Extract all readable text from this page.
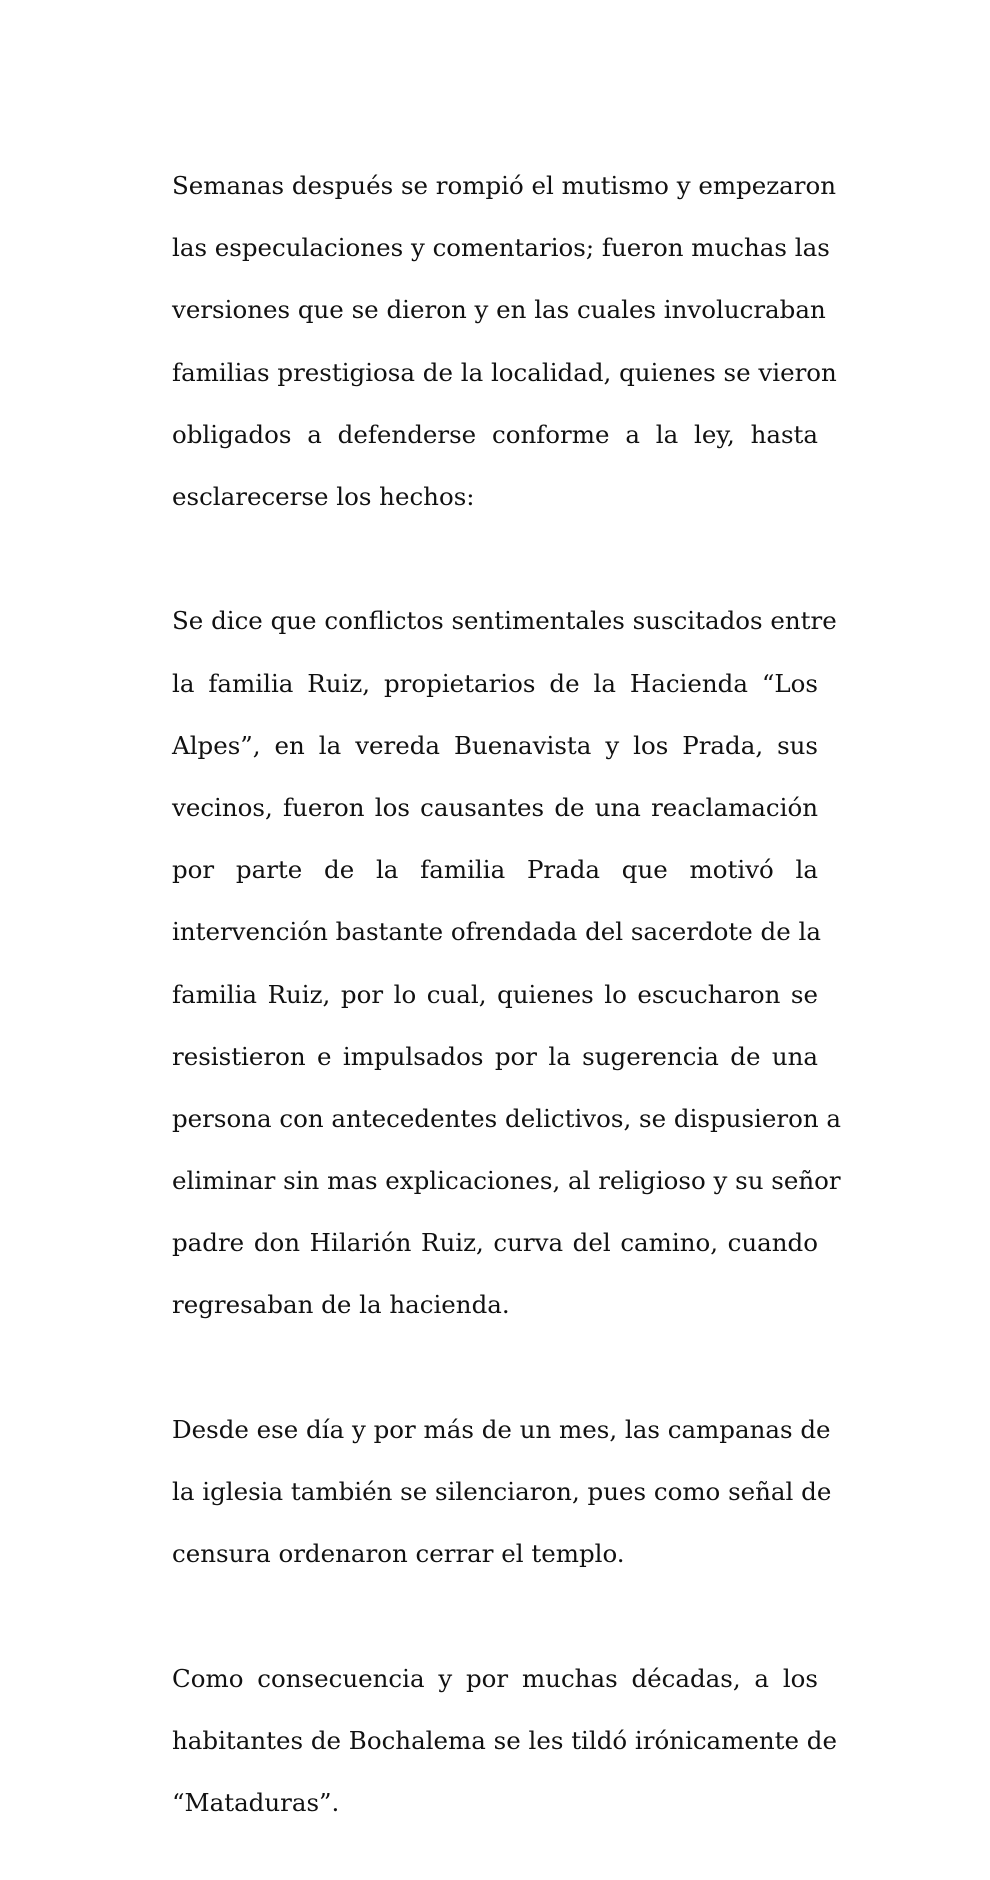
Semanas después se rompió el mutismo y empezaron

las especulaciones y comentarios; fueron muchas las

versiones que se dieron y en las cuales involucraban

familias prestigiosa de la localidad, quienes se vieron

obligados a defenderse conforme a la ley, hasta

esclarecerse los hechos:

Se dice que conflictos sentimentales suscitados entre

la familia Ruiz, propietarios de la Hacienda “Los

Alpes”, en la vereda Buenavista y los Prada, sus

vecinos, fueron los causantes de una reaclamación

por parte de la familia Prada que motivó la

intervención bastante ofrendada del sacerdote de la

familia Ruiz, por lo cual, quienes lo escucharon se

resistieron e impulsados por la sugerencia de una

persona con antecedentes delictivos, se dispusieron a

eliminar sin mas explicaciones, al religioso y su señor

padre don Hilarión Ruiz, curva del camino, cuando

regresaban de la hacienda.

Desde ese día y por más de un mes, las campanas de

la iglesia también se silenciaron, pues como señal de

censura ordenaron cerrar el templo.

Como consecuencia y por muchas décadas, a los

habitantes de Bochalema se les tildó irónicamente de

“Mataduras”.
